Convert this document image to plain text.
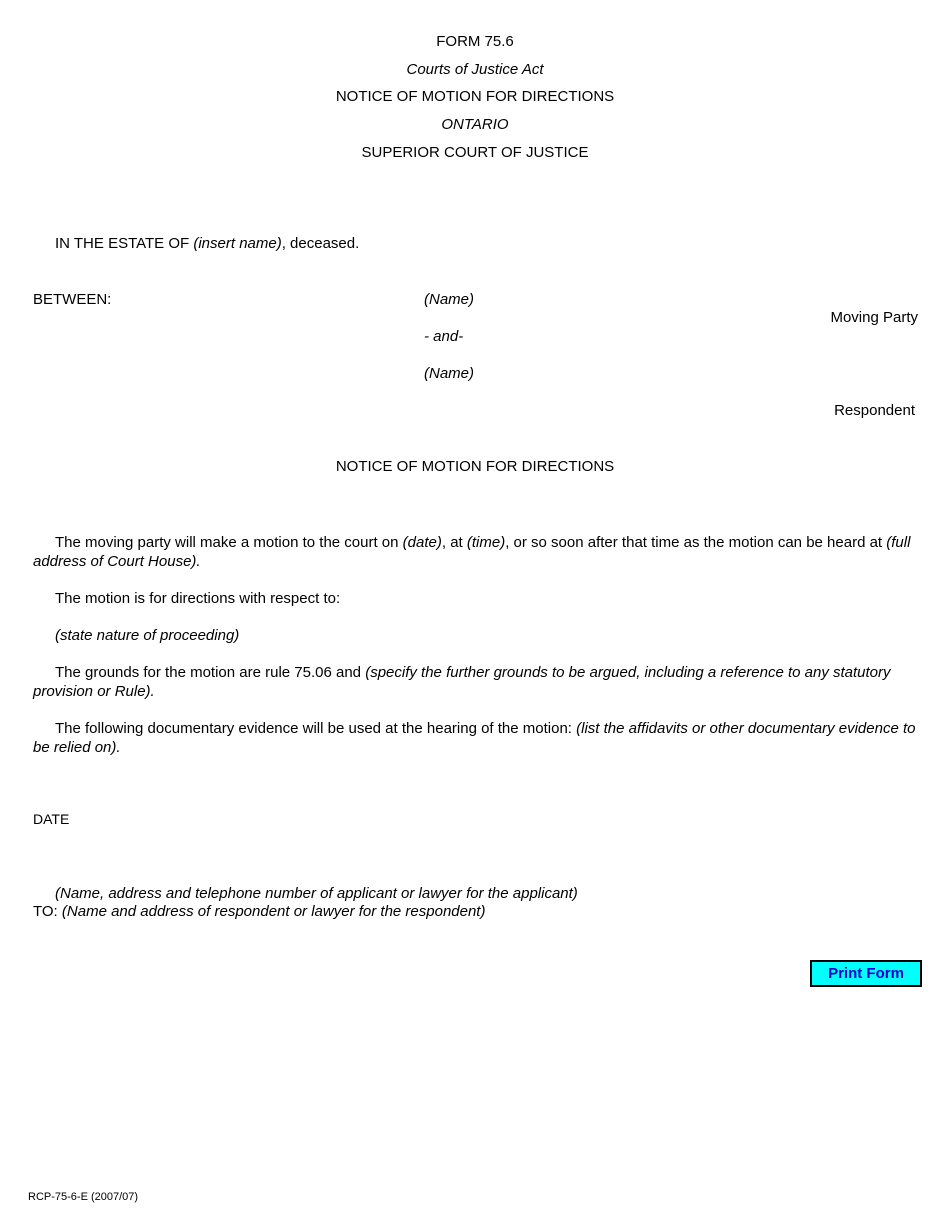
FORM 75.6
Courts of Justice Act
NOTICE OF MOTION FOR DIRECTIONS
ONTARIO
SUPERIOR COURT OF JUSTICE
IN THE ESTATE OF (insert name), deceased.
BETWEEN:	(Name)
Moving Party
- and-
(Name)
Respondent
NOTICE OF MOTION FOR DIRECTIONS
The moving party will make a motion to the court on (date), at (time), or so soon after that time as the motion can be heard at (full address of Court House).
The motion is for directions with respect to:
(state nature of proceeding)
The grounds for the motion are rule 75.06 and (specify the further grounds to be argued, including a reference to any statutory provision or Rule).
The following documentary evidence will be used at the hearing of the motion: (list the affidavits or other documentary evidence to be relied on).
DATE
(Name, address and telephone number of applicant or lawyer for the applicant)
TO: (Name and address of respondent or lawyer for the respondent)
Print Form
RCP-75-6-E (2007/07)
